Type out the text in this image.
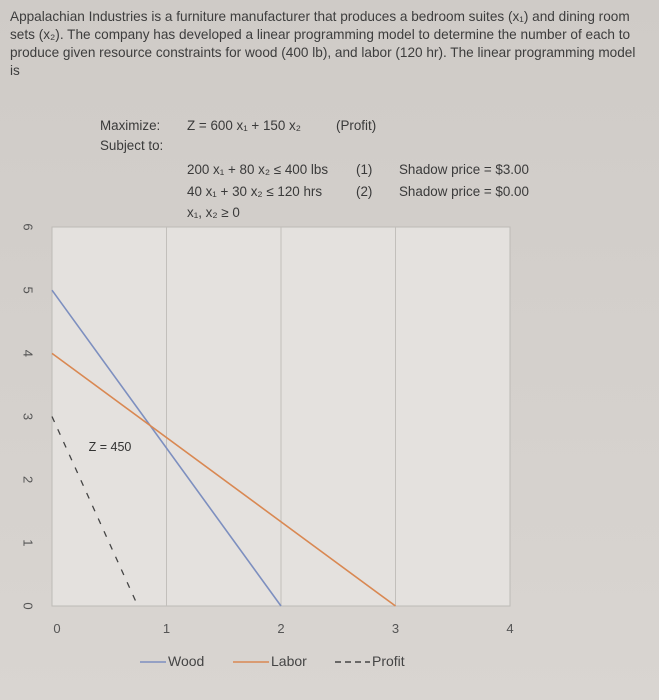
Appalachian Industries is a furniture manufacturer that produces a bedroom suites (x₁) and dining room sets (x₂). The company has developed a linear programming model to determine the number of each to produce given resource constraints for wood (400 lb), and labor (120 hr). The linear programming model is
Maximize: Z = 600 x₁ + 150 x₂	(Profit)
Subject to:
200 x₁ + 80 x₂ ≤ 400 lbs (1) Shadow price = $3.00
40 x₁ + 30 x₂ ≤ 120 hrs	(2) Shadow price = $0.00
x₁, x₂ ≥ 0
0	1	2	3	4
0
1
2
3
4
5
6
Z = 450
Wood	Labor	Profit
